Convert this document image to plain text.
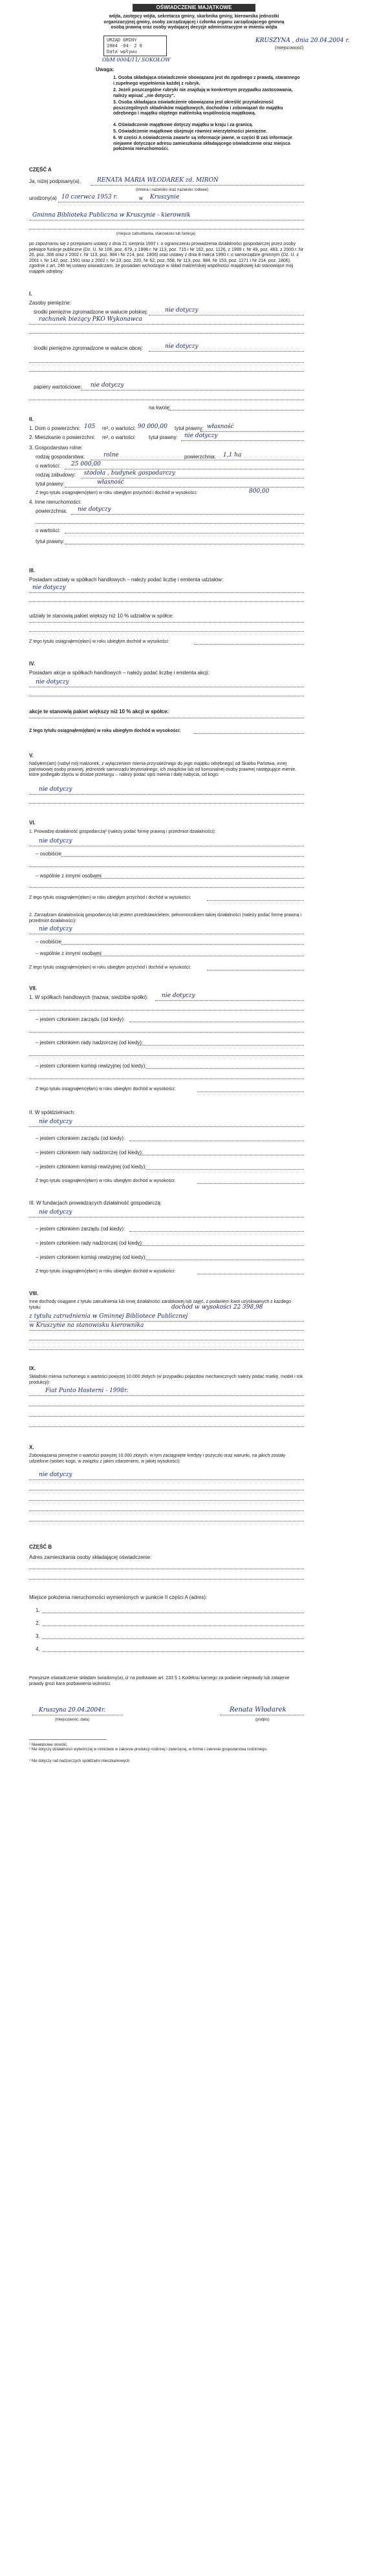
OŚWIADCZENIE MAJĄTKOWE
wójta, zastępcy wójta, sekretarza gminy, skarbnika gminy, kierownika jednostki organizacyjnej gminy, osoby zarządzającej i członka organu zarządzającego gminną osobą prawną oraz osoby wydającej decyzje administracyjne w imieniu wójta
KRUSZYNA , dnia 20.04.2004 r.
(miejscowość)
URZĄD GMINY
2004 -04- 2 0
Data wpływu
ObM 0004/11/ SOKOŁOW
Uwaga:
1. Osoba składająca oświadczenie obowiązana jest do zgodnego z prawdą, starannego i zupełnego wypełnienia każdej z rubryk.
2. Jeżeli poszczególne rubryki nie znajdują w konkretnym przypadku zastosowania, należy wpisać „nie dotyczy".
3. Osoba składająca oświadczenie obowiązana jest określić przynależność poszczególnych składników majątkowych, dochodów i zobowiązań do majątku odrębnego i majątku objętego małżeńską wspólnością majątkową.
4. Oświadczenie majątkowe dotyczy majątku w kraju i za granicą.
5. Oświadczenie majątkowe obejmuje również wierzytelności pieniężne.
6. W części A oświadczenia zawarte są informacje jawne, w części B zaś informacje niejawne dotyczące adresu zamieszkania składającego oświadczenie oraz miejsca położenia nieruchomości.
CZĘŚĆ A
Ja, niżej podpisany(a),	RENATA MARIA WŁODAREK zd. MIROŃ
(imiona i nazwisko oraz nazwisko rodowe)
urodzony(a) 10 czerwca 1953 r.	w Kruszynie
Gminna Biblioteka Publiczna w Kruszynie - kierownik
(miejsce zatrudnienia, stanowisko lub funkcja)
po zapoznaniu się z przepisami ustawy z dnia 21 sierpnia 1997 r. o ograniczeniu prowadzenia działalności gospodarczej przez osoby pełniące funkcje publiczne (Dz. U. Nr 106, poz. 679, z 1998 r. Nr 113, poz. 715 i Nr 162, poz. 1126, z 1999 r. Nr 49, poz. 483, z 2000 r. Nr 26, poz. 306 oraz z 2002 r. Nr 113, poz. 984 i Nr 214, poz. 1806) oraz ustawy z dnia 8 marca 1990 r. o samorządzie gminnym (Dz. U. z 2001 r. Nr 142, poz. 1591 oraz z 2002 r. Nr 23, poz. 220, Nr 62, poz. 558, Nr 113, poz. 984, Nr 153, poz. 1271 i Nr 214, poz. 1806), zgodnie z art. 24h tej ustawy oświadczam, że posiadam wchodzące w skład małżeńskiej wspólności majątkowej lub stanowiące mój majątek odrębny:
I.
Zasoby pieniężne:
środki pieniężne zgromadzone w walucie polskiej:	nie dotyczy
rachunek bieżący PKO Wykonawca
środki pieniężne zgromadzone w walucie obcej:	nie dotyczy
papiery wartościowe: nie dotyczy
na kwotę:
II.
1. Dom o powierzchni: 105 m², o wartości: 90 000,00 tytuł prawny: własność
2. Mieszkanie o powierzchni: m², o wartości: tytuł prawny: nie dotyczy
3. Gospodarstwo rolne:
rodzaj gospodarstwa:	rolne	powierzchnia: 1,1 ha
o wartości: 25 000,00
rodzaj zabudowy: stodoła , budynek gospodarczy
tytuł prawny:	własność
Z tego tytułu osiągnąłem(ęłam) w roku ubiegłym przychód i dochód w wysokości:	800,00
4. Inne nieruchomości:
powierzchnia: nie dotyczy
o wartości:
tytuł prawny:
III.
Posiadam udziały w spółkach handlowych – należy podać liczbę i emitenta udziałów:
nie dotyczy
udziały te stanowią pakiet większy niż 10 % udziałów w spółce:
Z tego tytułu osiągnąłem(ęłam) w roku ubiegłym dochód w wysokości:
IV.
Posiadam akcje w spółkach handlowych – należy podać liczbę i emitenta akcji:
nie dotyczy
akcje te stanowią pakiet większy niż 10 % akcji w spółce:
Z tego tytułu osiągnąłem(ęłam) w roku ubiegłym dochód w wysokości:
V.
Nabyłem(am) (nabył mój małżonek, z wyłączeniem mienia przynależnego do jego majątku odrębnego) od Skarbu Państwa, innej państwowej osoby prawnej, jednostek samorządu terytorialnego, ich związków lub od komunalnej osoby prawnej następujące mienie, które podlegało zbyciu w drodze przetargu – należy podać opis mienia i datę nabycia, od kogo:
nie dotyczy
VI.
1. Prowadzę działalność gospodarczą² (należy podać formę prawną i przedmiot działalności):
nie dotyczy
– osobiście
– wspólnie z innymi osobami
Z tego tytułu osiągnąłem(ęłam) w roku ubiegłym przychód i dochód w wysokości:
2. Zarządzam działalnością gospodarczą lub jestem przedstawicielem, pełnomocnikiem takiej działalności (należy podać formę prawną i przedmiot działalności):
nie dotyczy
– osobiście
– wspólnie z innymi osobami
Z tego tytułu osiągnąłem(ęłam) w roku ubiegłym przychód i dochód w wysokości:
VII.
1. W spółkach handlowych (nazwa, siedziba spółki): nie dotyczy
– jestem członkiem zarządu (od kiedy):
– jestem członkiem rady nadzorczej (od kiedy):
– jestem członkiem komisji rewizyjnej (od kiedy):
Z tego tytułu osiągnąłem(ęłam) w roku ubiegłym dochód w wysokości:
II. W spółdzielniach:
nie dotyczy
– jestem członkiem zarządu (od kiedy):
– jestem członkiem rady nadzorczej (od kiedy):
– jestem członkiem komisji rewizyjnej (od kiedy):
Z tego tytułu osiągnąłem(ęłam) w roku ubiegłym dochód w wysokości:
III. W fundacjach prowadzących działalność gospodarczą:
nie dotyczy
– jestem członkiem zarządu (od kiedy):
– jestem członkiem rady nadzorczej (od kiedy):
– jestem członkiem komisji rewizyjnej (od kiedy):
Z tego tytułu osiągnąłem(ęłam) w roku ubiegłym dochód w wysokości:
VIII.
Inne dochody osiągane z tytułu zatrudnienia lub innej działalności zarobkowej lub zajęć, z podaniem kwot uzyskiwanych z każdego tytułu:	dochód w wysokości 22 398,98
z tytułu zatrudnienia w Gminnej Bibliotece Publicznej
w Kruszynie na stanowisku kierownika
IX.
Składniki mienia ruchomego o wartości powyżej 10.000 złotych (w przypadku pojazdów mechanicznych należy podać markę, model i rok produkcji):
Fiat Punto Hosterni - 1998r.
X.
Zobowiązania pieniężne o wartości powyżej 10.000 złotych, w tym zaciągnięte kredyty i pożyczki oraz warunki, na jakich zostały udzielone (wobec kogo, w związku z jakim zdarzeniem, w jakiej wysokości):
nie dotyczy
CZĘŚĆ B
Adres zamieszkania osoby składającej oświadczenie:
Miejsce położenia nieruchomości wymienionych w punkcie II części A (adres):
1.
2.
3.
4.
Powyższe oświadczenie składam świadomy(a), iż na podstawie art. 233 § 1 Kodeksu karnego za podanie nieprawdy lub zatajenie prawdy grozi kara pozbawienia wolności.
Kruszyna 20.04.2004r.
(miejscowość, data)
Renata Włodarek
(podpis)
¹ Niewłaściwe skreślić.
² Nie dotyczy działalności wytwórczej w rolnictwie w zakresie produkcji roślinnej i zwierzęcej, w formie i zakresie gospodarstwa rodzinnego.
³ Nie dotyczy rad nadzorczych spółdzielni mieszkaniowych.
